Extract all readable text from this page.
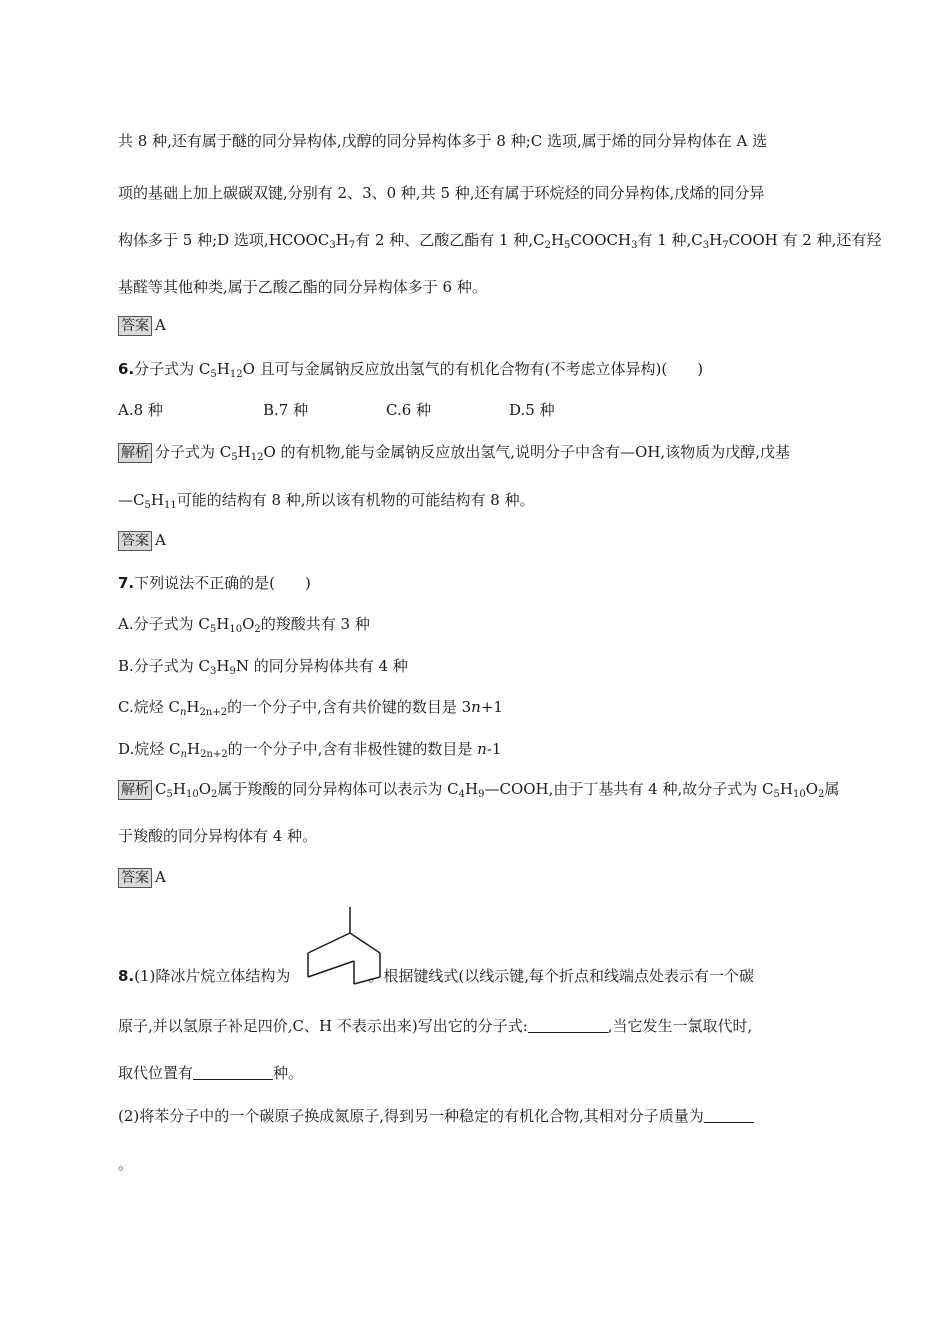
共 8 种,还有属于醚的同分异构体,戊醇的同分异构体多于 8 种;C 选项,属于烯的同分异构体在 A 选
项的基础上加上碳碳双键,分别有 2、3、0 种,共 5 种,还有属于环烷烃的同分异构体,戊烯的同分异
构体多于 5 种;D 选项$,HCOOC_3H_7$有 2 种、乙酸乙酯有 1 种$,C_2H_5COOCH_3$有 1 种$,C_3H_7COOH$ 有 2 种,还有羟
基醛等其他种类,属于乙酸乙酯的同分异构体多于 6 种。
答案 A
6.分子式为 $C_5H_{12}O$ 且可与金属钠反应放出氢气的有机化合物有(不考虑立体异构)(　　)
A.8 种	B.7 种	C.6 种	D.5 种
解析 分子式为 $C_5H_{12}O$ 的有机物,能与金属钠反应放出氢气,说明分子中含有—OH,该物质为戊醇,戊基
$—C_5H_{11}$可能的结构有 8 种,所以该有机物的可能结构有 8 种。
答案 A
7.下列说法不正确的是(　　)
A.分子式为 $C_5H_{10}O_2$的羧酸共有 3 种
B.分子式为 $C_3H_9N$ 的同分异构体共有 4 种
C.烷烃 $C_nH_{2n+2}$的一个分子中,含有共价键的数目是 3n+1
D.烷烃 $C_nH_{2n+2}$的一个分子中,含有非极性键的数目是 n-1
解析 $C_5H_{10}O_2$属于羧酸的同分异构体可以表示为 $C_4H_9—COOH$,由于丁基共有 4 种,故分子式为 $C_5H_{10}O_2$属
于羧酸的同分异构体有 4 种。
答案 A
8.(1)降冰片烷立体结构为	。根据键线式(以线示键,每个折点和线端点处表示有一个碳
原子,并以氢原子补足四价,C、H 不表示出来)写出它的分子式:	,当它发生一氯取代时,
取代位置有	种。
(2)将苯分子中的一个碳原子换成氮原子,得到另一种稳定的有机化合物,其相对分子质量为
。
